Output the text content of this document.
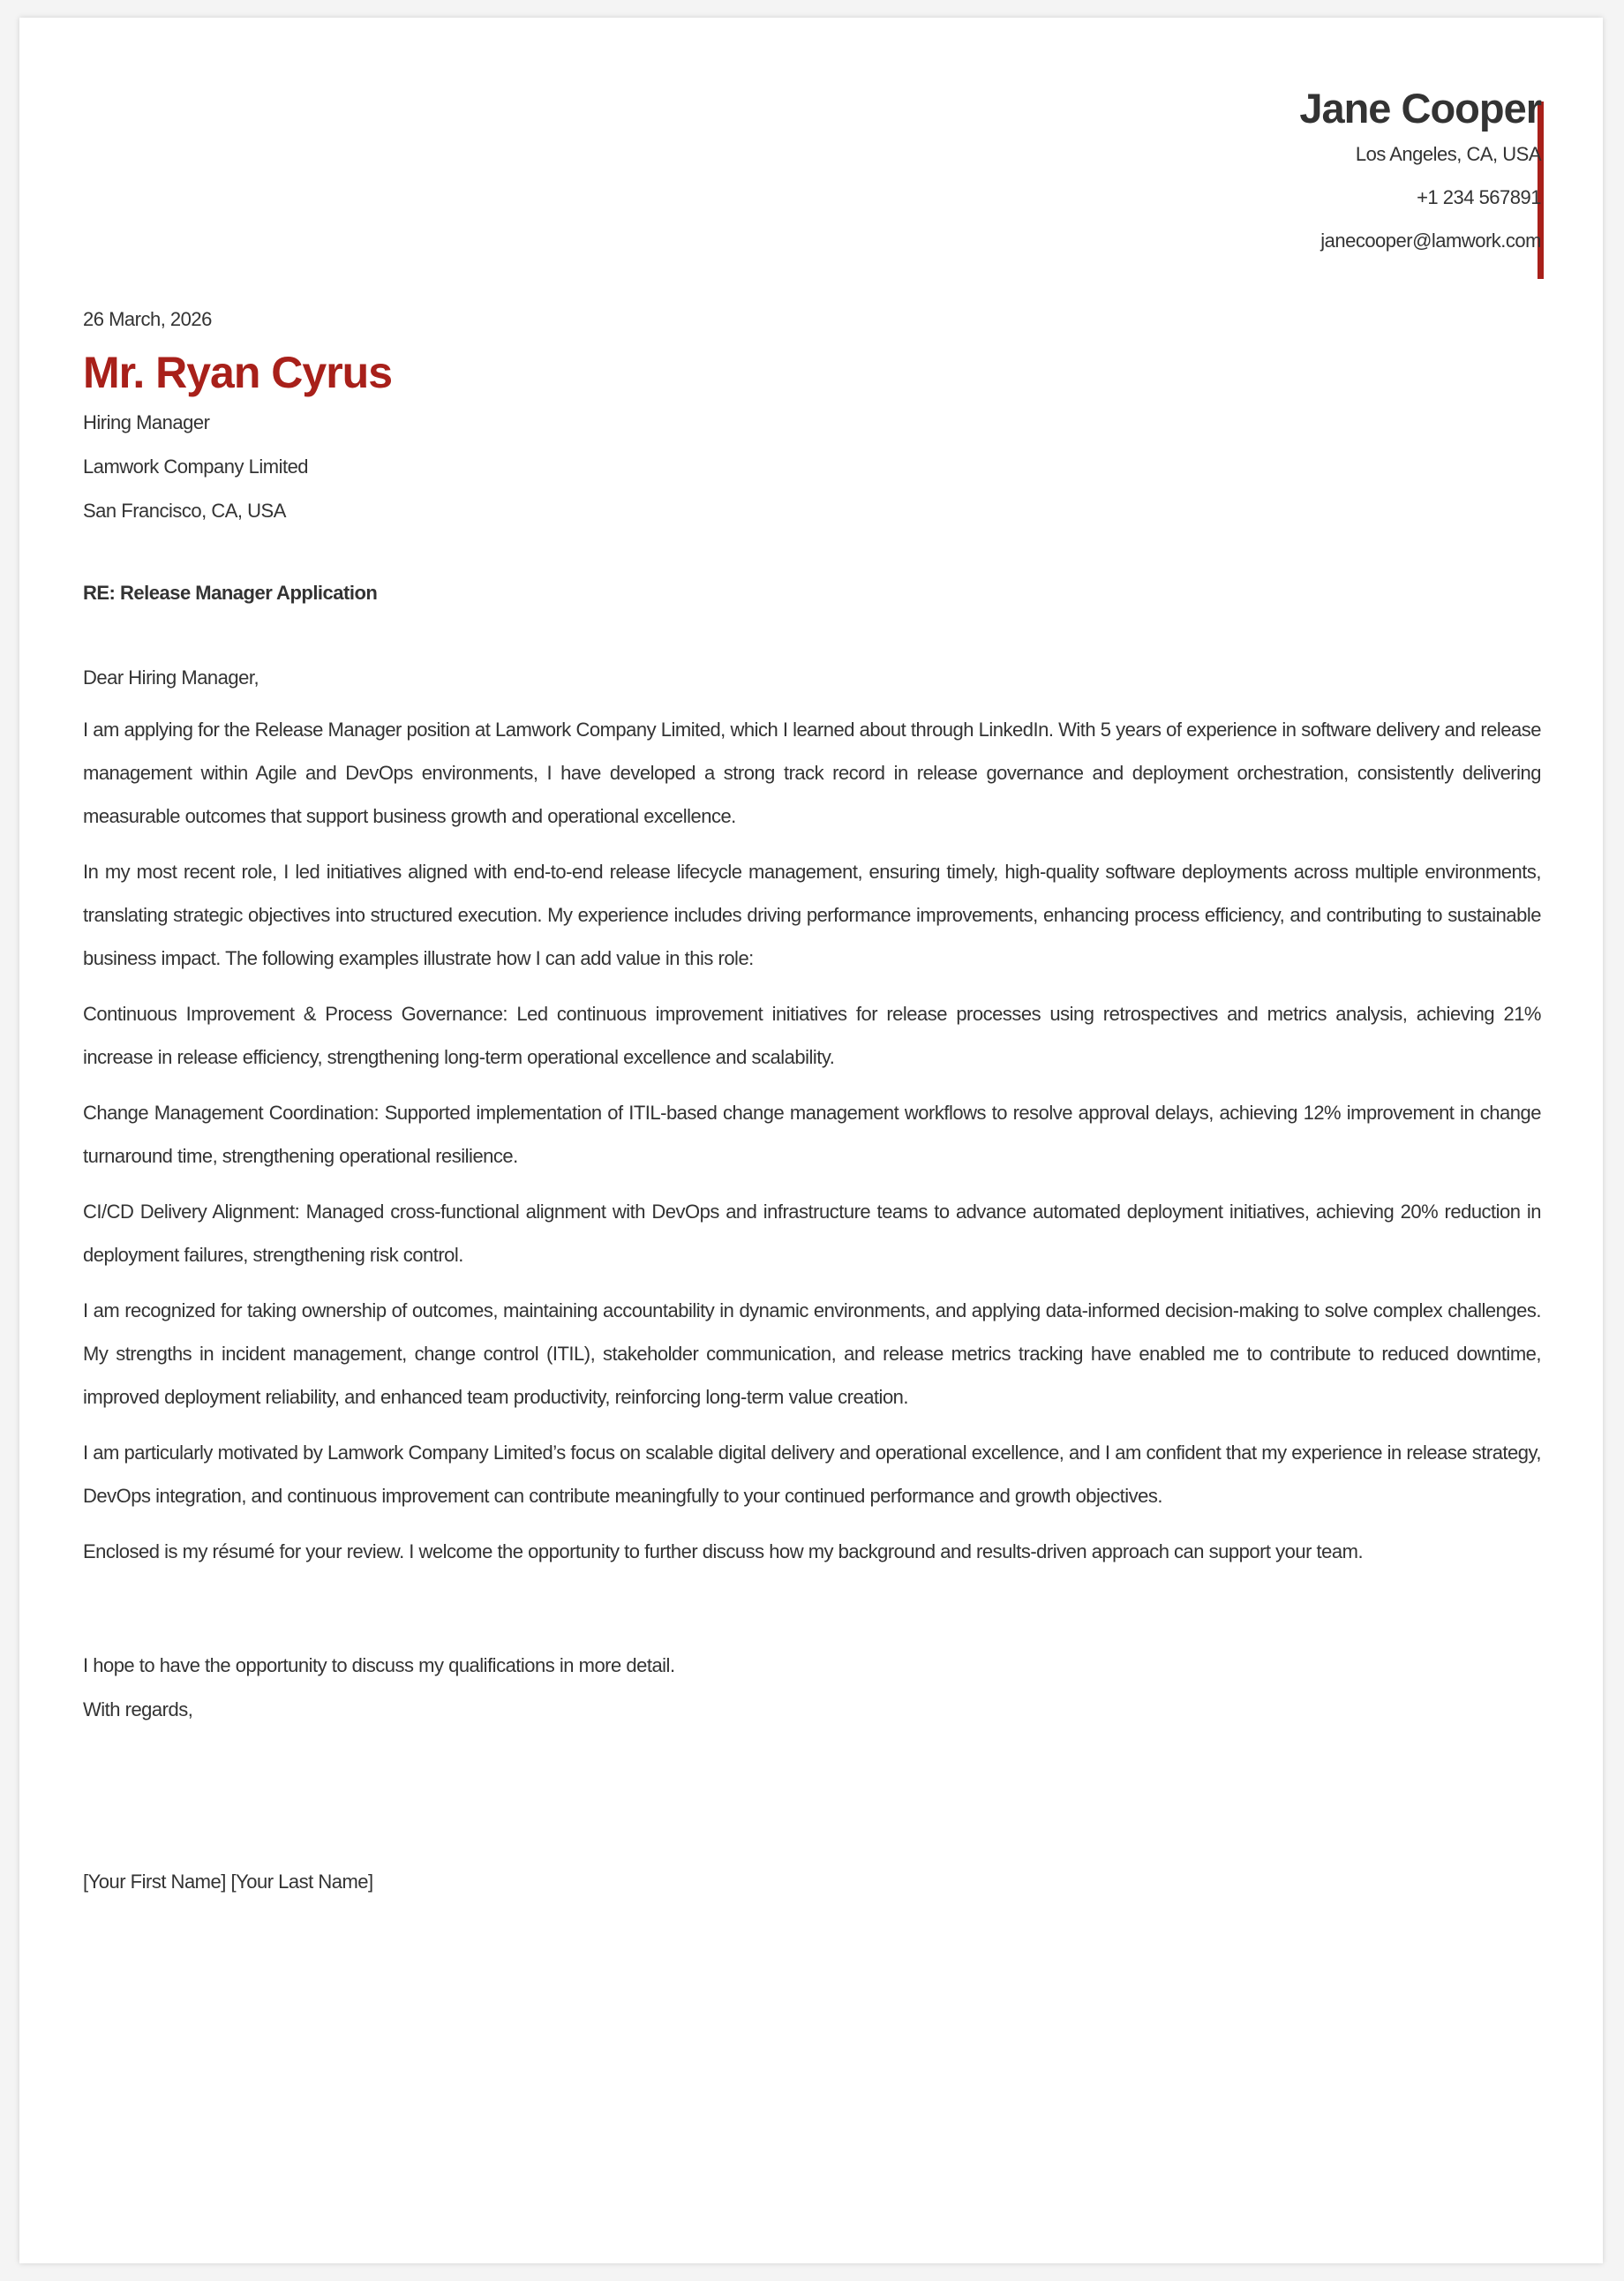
Jane Cooper

Los Angeles, CA, USA

+1 234 567891

janecooper@lamwork.com

26 March, 2026

Mr. Ryan Cyrus

Hiring Manager

Lamwork Company Limited

San Francisco, CA, USA

RE: Release Manager Application

Dear Hiring Manager,

I am applying for the Release Manager position at Lamwork Company Limited, which I learned about through LinkedIn. With 5 years of experience in software delivery and release management within Agile and DevOps environments, I have developed a strong track record in release governance and deployment orchestration, consistently delivering measurable outcomes that support business growth and operational excellence.

In my most recent role, I led initiatives aligned with end-to-end release lifecycle management, ensuring timely, high-quality software deployments across multiple environments, translating strategic objectives into structured execution. My experience includes driving performance improvements, enhancing process efficiency, and contributing to sustainable business impact. The following examples illustrate how I can add value in this role:

Continuous Improvement & Process Governance: Led continuous improvement initiatives for release processes using retrospectives and metrics analysis, achieving 21% increase in release efficiency, strengthening long-term operational excellence and scalability.

Change Management Coordination: Supported implementation of ITIL-based change management workflows to resolve approval delays, achieving 12% improvement in change turnaround time, strengthening operational resilience.

CI/CD Delivery Alignment: Managed cross-functional alignment with DevOps and infrastructure teams to advance automated deployment initiatives, achieving 20% reduction in deployment failures, strengthening risk control.

I am recognized for taking ownership of outcomes, maintaining accountability in dynamic environments, and applying data-informed decision-making to solve complex challenges. My strengths in incident management, change control (ITIL), stakeholder communication, and release metrics tracking have enabled me to contribute to reduced downtime, improved deployment reliability, and enhanced team productivity, reinforcing long-term value creation.

I am particularly motivated by Lamwork Company Limited’s focus on scalable digital delivery and operational excellence, and I am confident that my experience in release strategy, DevOps integration, and continuous improvement can contribute meaningfully to your continued performance and growth objectives.

Enclosed is my résumé for your review. I welcome the opportunity to further discuss how my background and results-driven approach can support your team.

I hope to have the opportunity to discuss my qualifications in more detail.

With regards,

[Your First Name] [Your Last Name]
